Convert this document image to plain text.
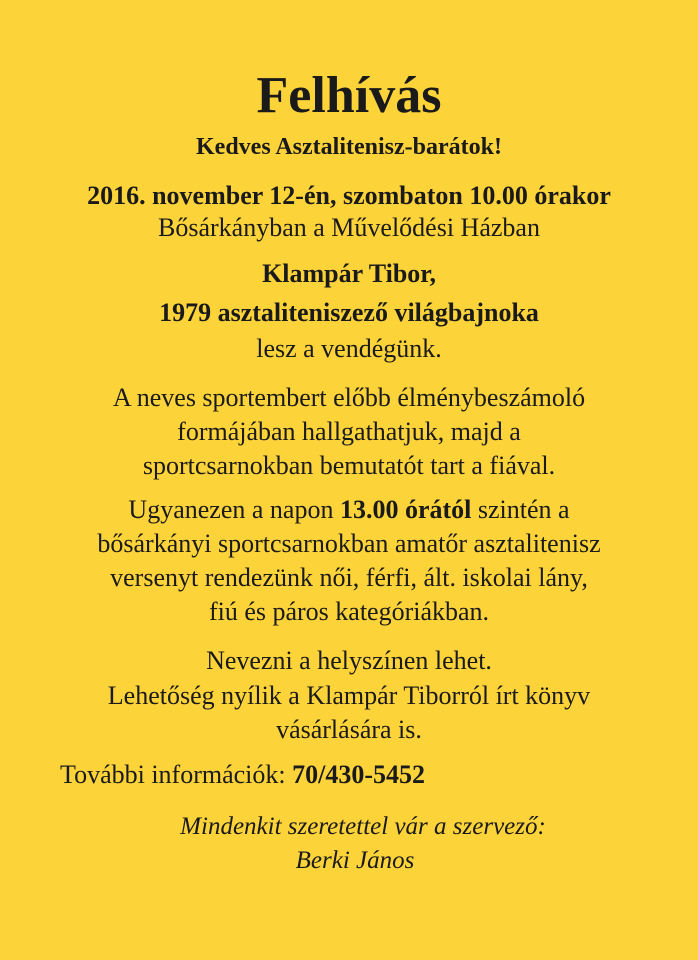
Felhívás
Kedves Asztalitenisz-barátok!
2016. november 12-én, szombaton 10.00 órakor
Bősárkányban a Művelődési Házban
Klampár Tibor,
1979 asztaliteniszező világbajnoka
lesz a vendégünk.
A neves sportembert előbb élménybeszámoló
formájában hallgathatjuk, majd a
sportcsarnokban bemutatót tart a fiával.
Ugyanezen a napon 13.00 órától szintén a
bősárkányi sportcsarnokban amatőr asztalitenisz
versenyt rendezünk női, férfi, ált. iskolai lány,
fiú és páros kategóriákban.
Nevezni a helyszínen lehet.
Lehetőség nyílik a Klampár Tiborról írt könyv
vásárlására is.
További információk: 70/430-5452
Mindenkit szeretettel vár a szervező:
Berki János
